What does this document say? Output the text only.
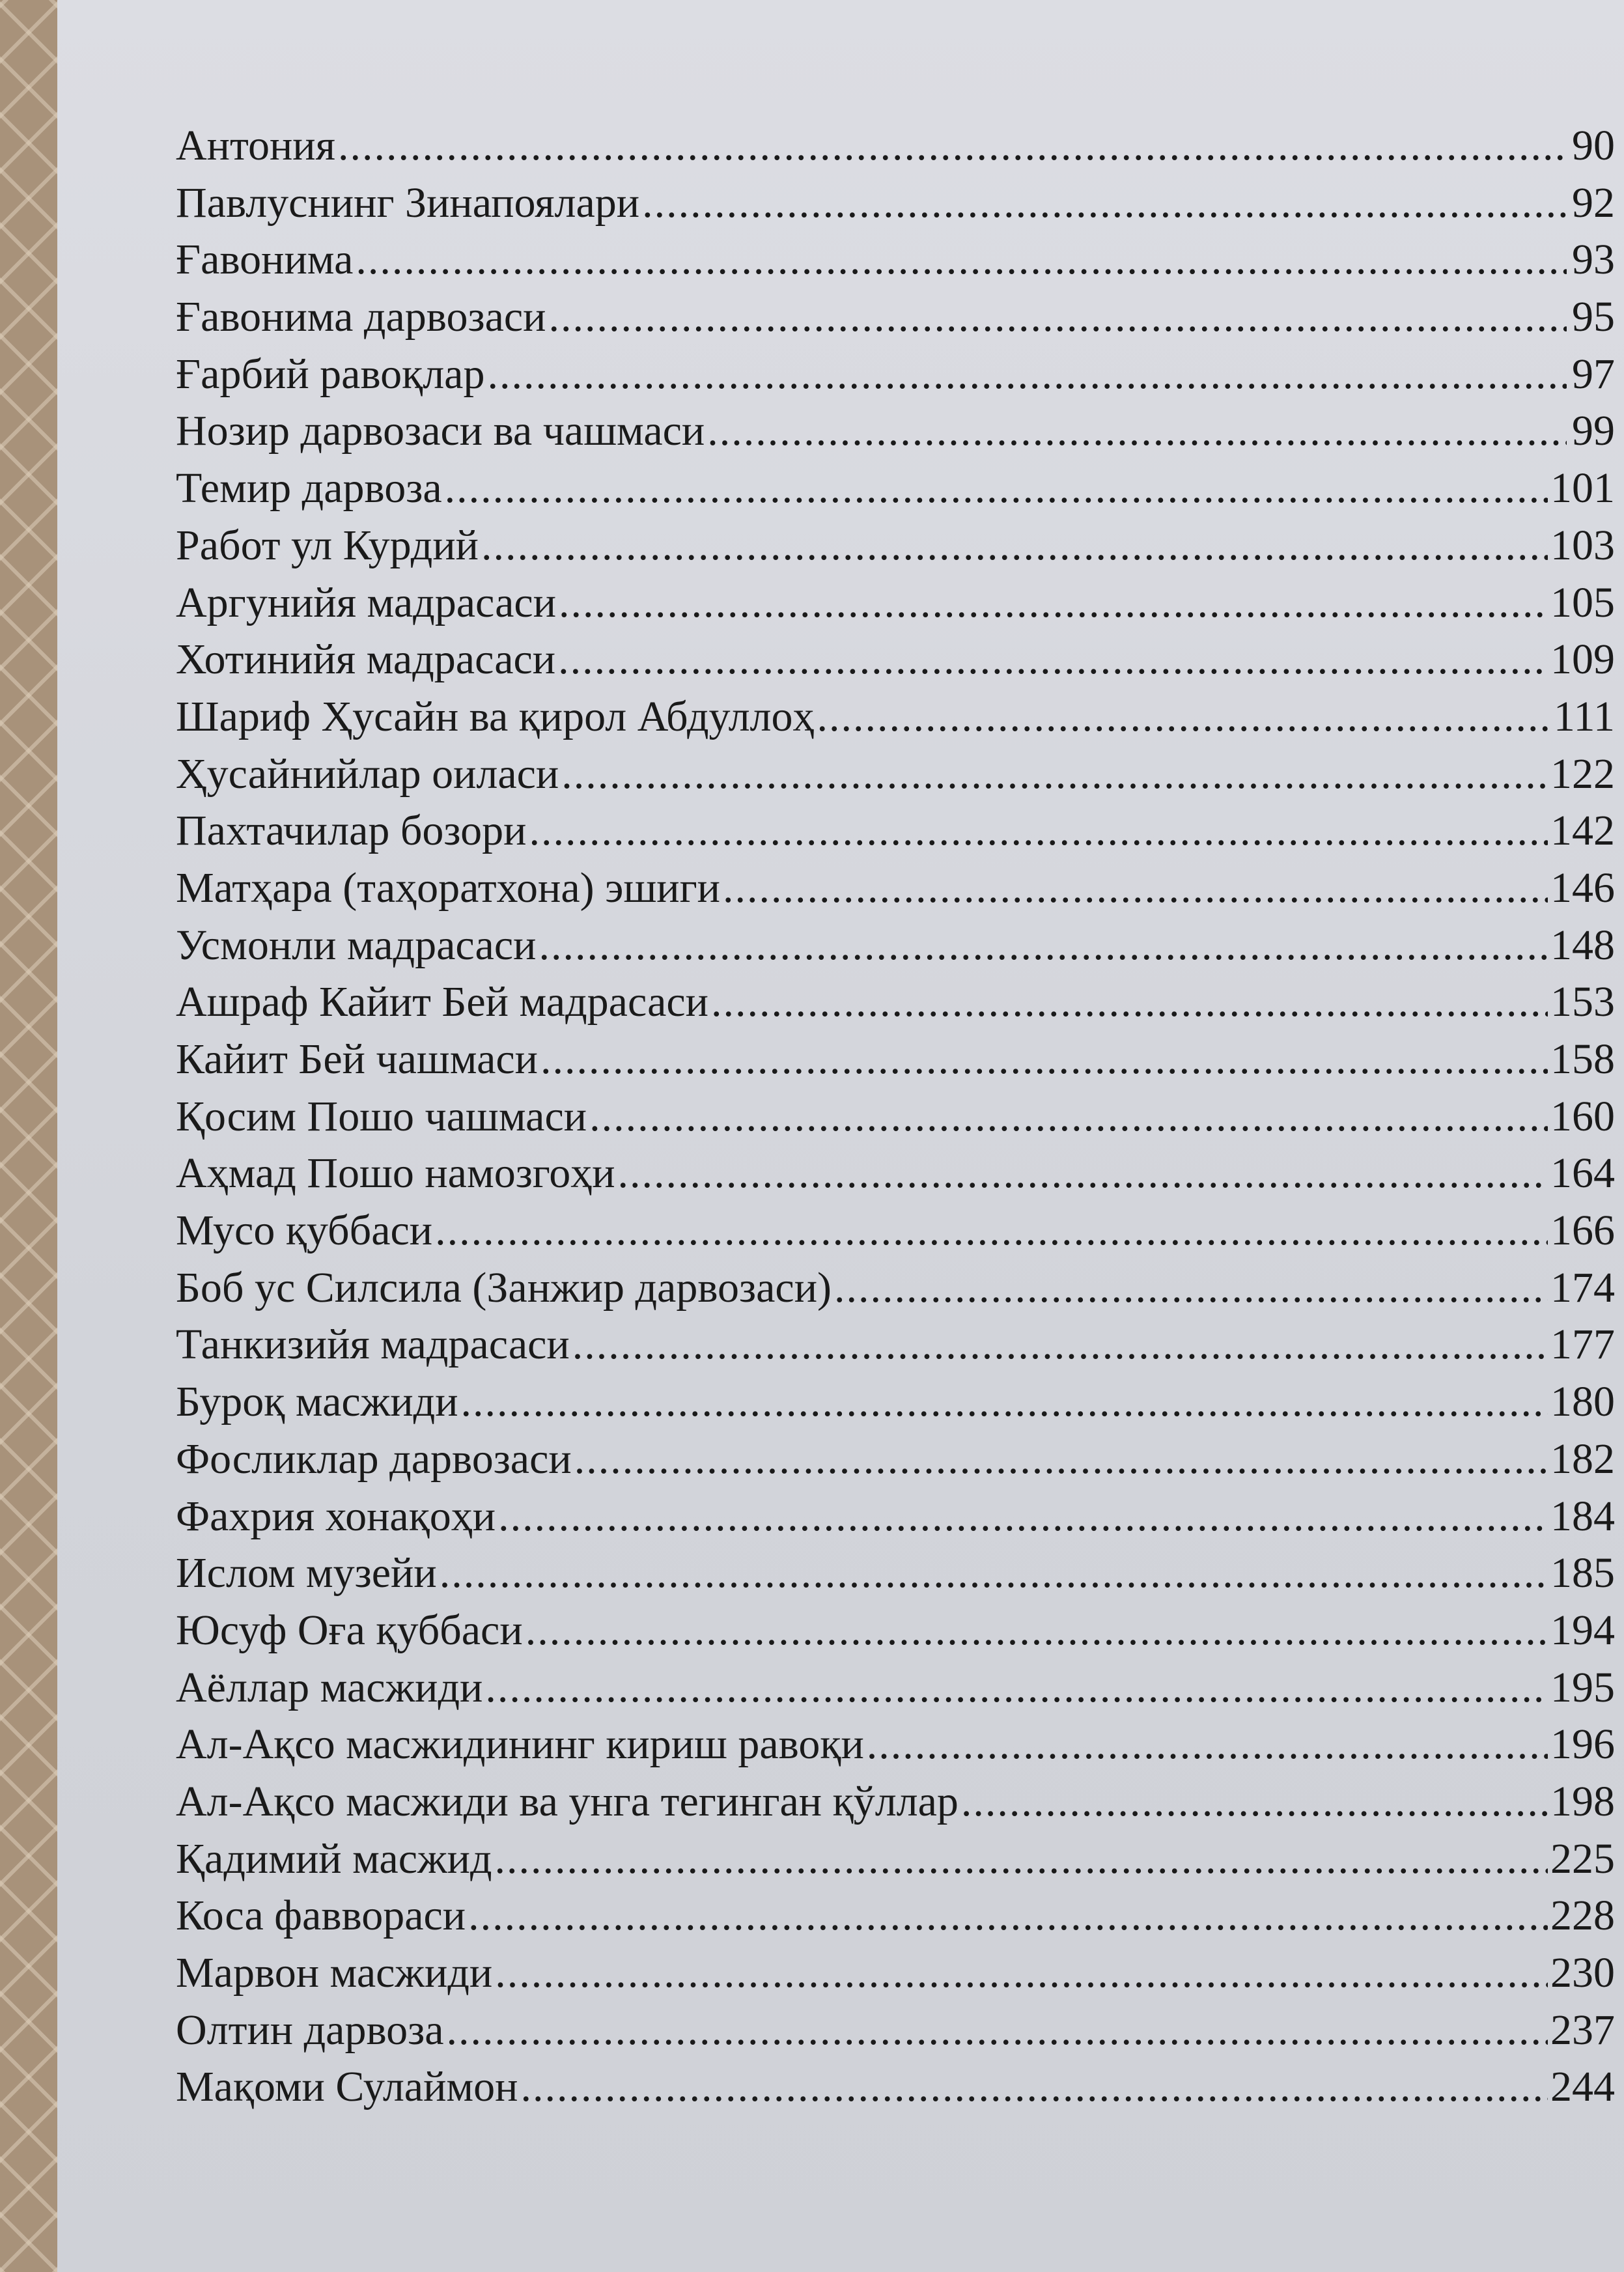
Антония .....	90
Павлуснинг Зинапоялари .....	92
Ғавонима .....	93
Ғавонима дарвозаси .....	95
Ғарбий равоқлар .....	97
Нозир дарвозаси ва чашмаси .....	99
Темир дарвоза .....	101
Работ ул Курдий .....	103
Аргунийя мадрасаси .....	105
Хотинийя мадрасаси .....	109
Шариф Ҳусайн ва қирол Абдуллоҳ .....	111
Ҳусайнийлар оиласи .....	122
Пахтачилар бозори .....	142
Матҳара (таҳоратхона) эшиги .....	146
Усмонли мадрасаси .....	148
Ашраф Кайит Бей мадрасаси .....	153
Кайит Бей чашмаси .....	158
Қосим Пошо чашмаси .....	160
Аҳмад Пошо намозгоҳи .....	164
Мусо қуббаси .....	166
Боб ус Силсила (Занжир дарвозаси) .....	174
Танкизийя мадрасаси .....	177
Буроқ масжиди .....	180
Фосликлар дарвозаси .....	182
Фахрия хонақоҳи .....	184
Ислом музейи .....	185
Юсуф Оға қуббаси .....	194
Аёллар масжиди .....	195
Ал-Ақсо масжидининг кириш равоқи .....	196
Ал-Ақсо масжиди ва унга тегинган қўллар .....	198
Қадимий масжид .....	225
Коса фаввораси .....	228
Марвон масжиди .....	230
Олтин дарвоза .....	237
Мақоми Сулаймон .....	244
